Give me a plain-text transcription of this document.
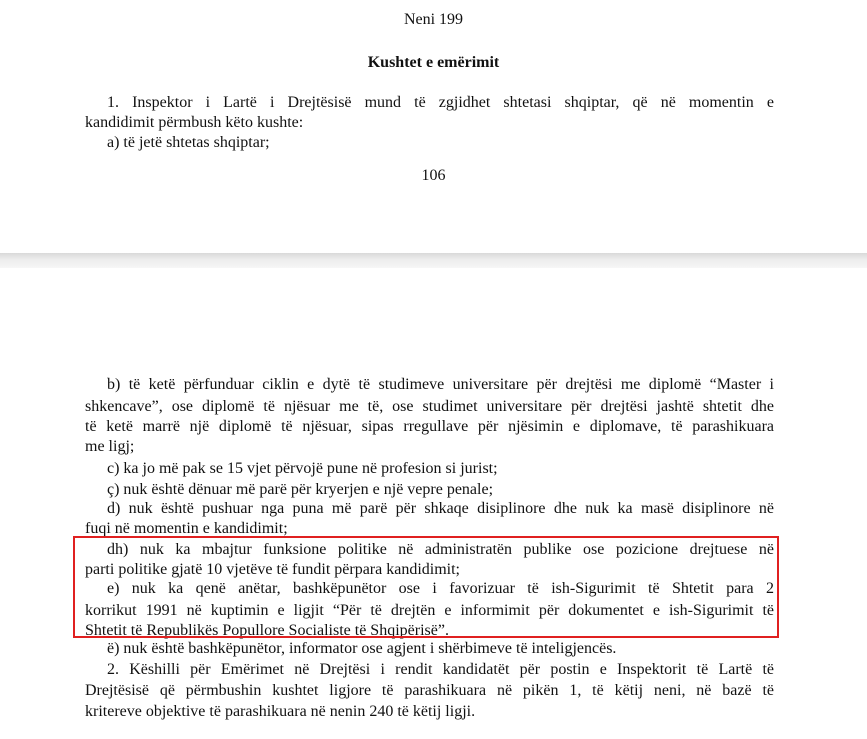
Neni 199
Kushtet e emërimit
1. Inspektor i Lartë i Drejtësisë mund të zgjidhet shtetasi shqiptar, që në momentin e
kandidimit përmbush këto kushte:
a) të jetë shtetas shqiptar;
106
b) të ketë përfunduar ciklin e dytë të studimeve universitare për drejtësi me diplomë “Master i
shkencave”, ose diplomë të njësuar me të, ose studimet universitare për drejtësi jashtë shtetit dhe
të ketë marrë një diplomë të njësuar, sipas rregullave për njësimin e diplomave, të parashikuara
me ligj;
c) ka jo më pak se 15 vjet përvojë pune në profesion si jurist;
ç) nuk është dënuar më parë për kryerjen e një vepre penale;
d) nuk është pushuar nga puna më parë për shkaqe disiplinore dhe nuk ka masë disiplinore në
fuqi në momentin e kandidimit;
dh) nuk ka mbajtur funksione politike në administratën publike ose pozicione drejtuese në
parti politike gjatë 10 vjetëve të fundit përpara kandidimit;
e) nuk ka qenë anëtar, bashkëpunëtor ose i favorizuar të ish-Sigurimit të Shtetit para 2
korrikut 1991 në kuptimin e ligjit “Për të drejtën e informimit për dokumentet e ish-Sigurimit të
Shtetit të Republikës Popullore Socialiste të Shqipërisë”.
ë) nuk është bashkëpunëtor, informator ose agjent i shërbimeve të inteligjencës.
2. Këshilli për Emërimet në Drejtësi i rendit kandidatët për postin e Inspektorit të Lartë të
Drejtësisë që përmbushin kushtet ligjore të parashikuara në pikën 1, të këtij neni, në bazë të
kritereve objektive të parashikuara në nenin 240 të këtij ligji.
